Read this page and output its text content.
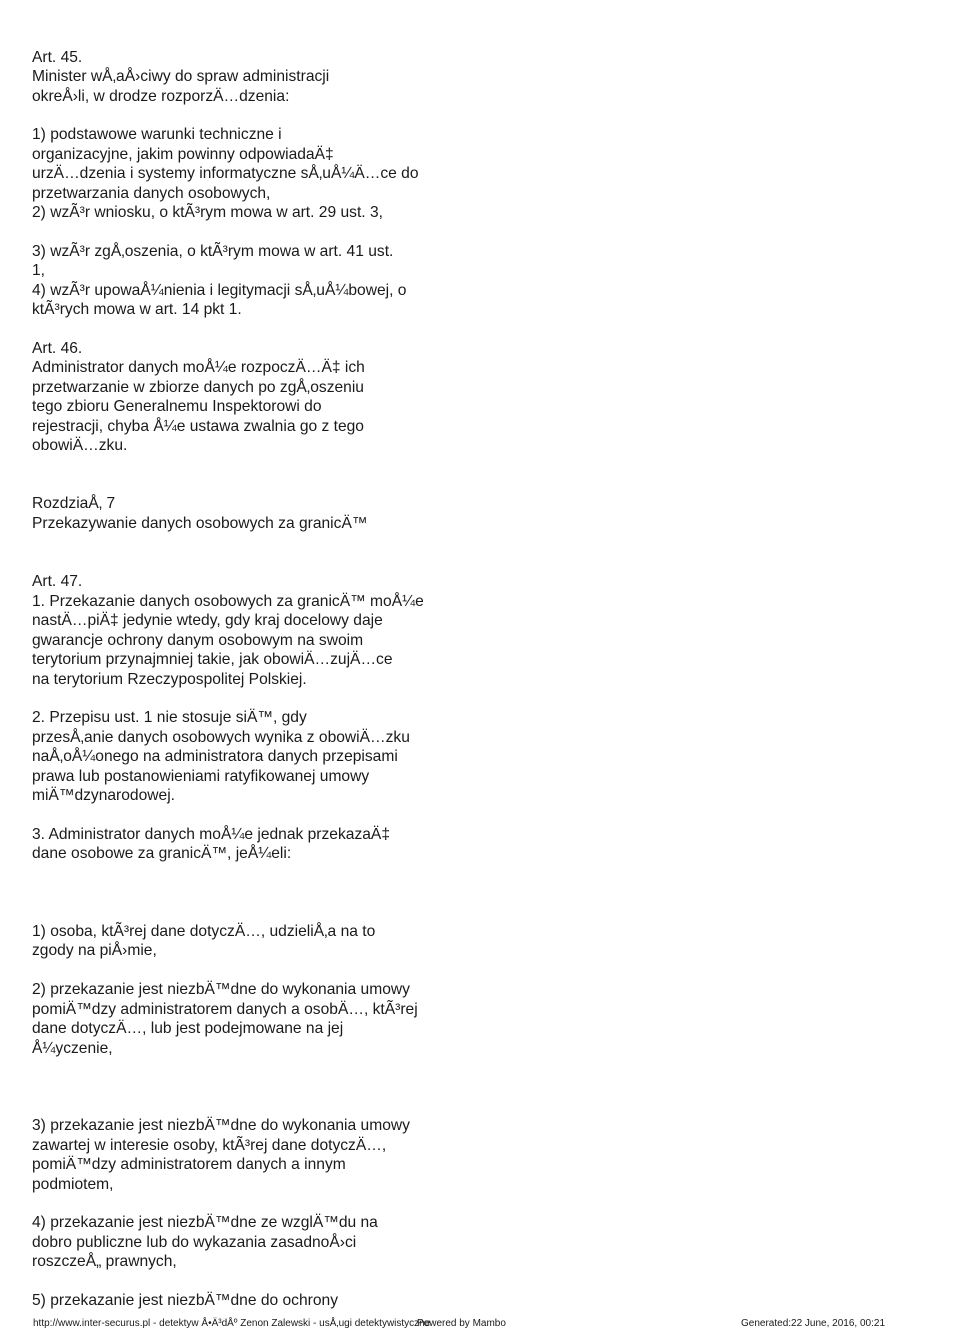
Art. 45.
Minister wÅ‚aÅ›ciwy do spraw administracji
okreÅ›li, w drodze rozporzÄ…dzenia:
1) podstawowe warunki techniczne i
organizacyjne, jakim powinny odpowiadaÄ‡
urzÄ…dzenia i systemy informatyczne sÅ‚uÅ¼Ä…ce do
przetwarzania danych osobowych,
2) wzÃ³r wniosku, o ktÃ³rym mowa w art. 29 ust. 3,
3) wzÃ³r zgÅ‚oszenia, o ktÃ³rym mowa w art. 41 ust.
1,
4) wzÃ³r upowaÅ¼nienia i legitymacji sÅ‚uÅ¼bowej, o
ktÃ³rych mowa w art. 14 pkt 1.
Art. 46.
Administrator danych moÅ¼e rozpoczÄ…Ä‡ ich
przetwarzanie w zbiorze danych po zgÅ‚oszeniu
tego zbioru Generalnemu Inspektorowi do
rejestracji, chyba Å¼e ustawa zwalnia go z tego
obowiÄ…zku.
RozdziaÅ‚ 7
Przekazywanie danych osobowych za granicÄ™
Art. 47.
1. Przekazanie danych osobowych za granicÄ™ moÅ¼e
nastÄ…piÄ‡ jedynie wtedy, gdy kraj docelowy daje
gwarancje ochrony danym osobowym na swoim
terytorium przynajmniej takie, jak obowiÄ…zujÄ…ce
na terytorium Rzeczypospolitej Polskiej.
2. Przepisu ust. 1 nie stosuje siÄ™, gdy
przesÅ‚anie danych osobowych wynika z obowiÄ…zku
naÅ‚oÅ¼onego na administratora danych przepisami
prawa lub postanowieniami ratyfikowanej umowy
miÄ™dzynarodowej.
3. Administrator danych moÅ¼e jednak przekazaÄ‡
dane osobowe za granicÄ™, jeÅ¼eli:
1) osoba, ktÃ³rej dane dotyczÄ…, udzieliÅ‚a na to
zgody na piÅ›mie,
2) przekazanie jest niezbÄ™dne do wykonania umowy
pomiÄ™dzy administratorem danych a osobÄ…, ktÃ³rej
dane dotyczÄ…, lub jest podejmowane na jej
Å¼yczenie,
3) przekazanie jest niezbÄ™dne do wykonania umowy
zawartej w interesie osoby, ktÃ³rej dane dotyczÄ…,
pomiÄ™dzy administratorem danych a innym
podmiotem,
4) przekazanie jest niezbÄ™dne ze wzglÄ™du na
dobro publiczne lub do wykazania zasadnoÅ›ci
roszczeÅ„ prawnych,
5) przekazanie jest niezbÄ™dne do ochrony
http://www.inter-securus.pl - detektyw Å•Ä³dÅº Zenon Zalewski - usÅ‚ugi detektywistyczne
Powered by Mambo	Generated:22 June, 2016, 00:21
